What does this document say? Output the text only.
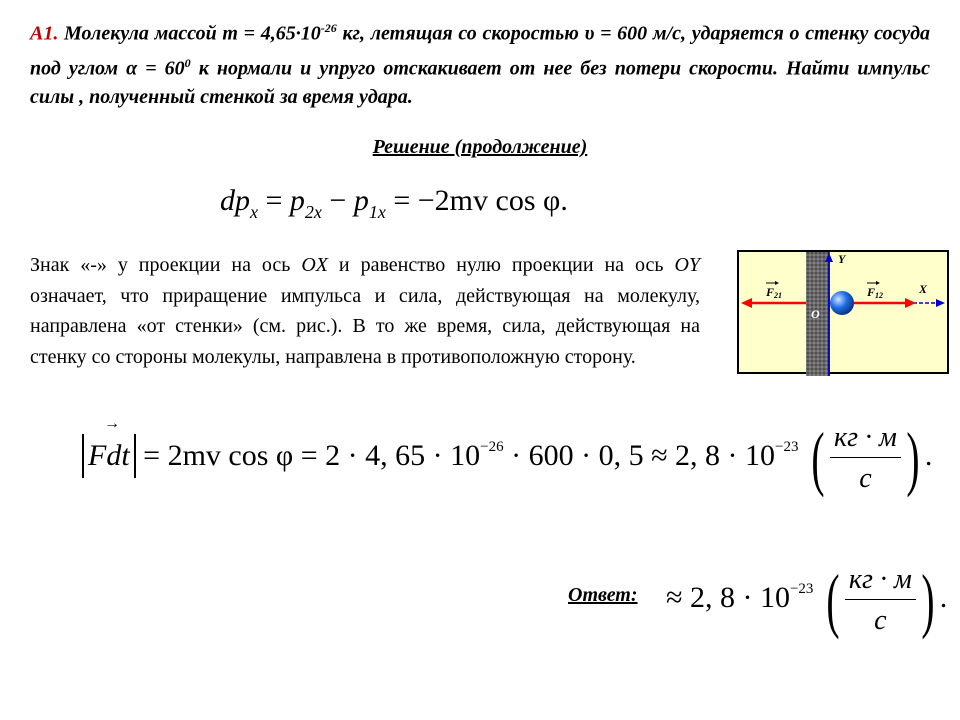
А1. Молекула массой $m = 4,65\cdot 10^{-26}$ кг, летящая со скоростью υ = 600 м/с, ударяется о стенку сосуда под углом $\alpha = 60^0$ к нормали и упруго отскакивает от нее без потери скорости. Найти импульс силы , полученный стенкой за время удара.
Решение (продолжение)
$dp_x = p_{2x} - p_{1x} = -2mv$ cos φ.
Знак «-» у проекции на ось OX и равенство нулю проекции на ось OY означает, что приращение импульса и сила, действующая на молекулу, направлена «от стенки» (см. рис.). В то же время, сила, действующая на стенку со стороны молекулы, направлена в противоположную сторону.
Y
X
O
F 21	F 12
→
Fdt = 2mv cos φ = 2 · 4, $65 \cdot 10^{-26} \cdot 600 \cdot 0$, 5 ≈ 2, $8 \cdot 10^{-23}$ ( $\frac{кг \cdot м}{с}$ ) .
Ответ: ≈ 2, $8 \cdot 10^{-23}$ ( $\frac{кг \cdot м}{с}$ ) .
